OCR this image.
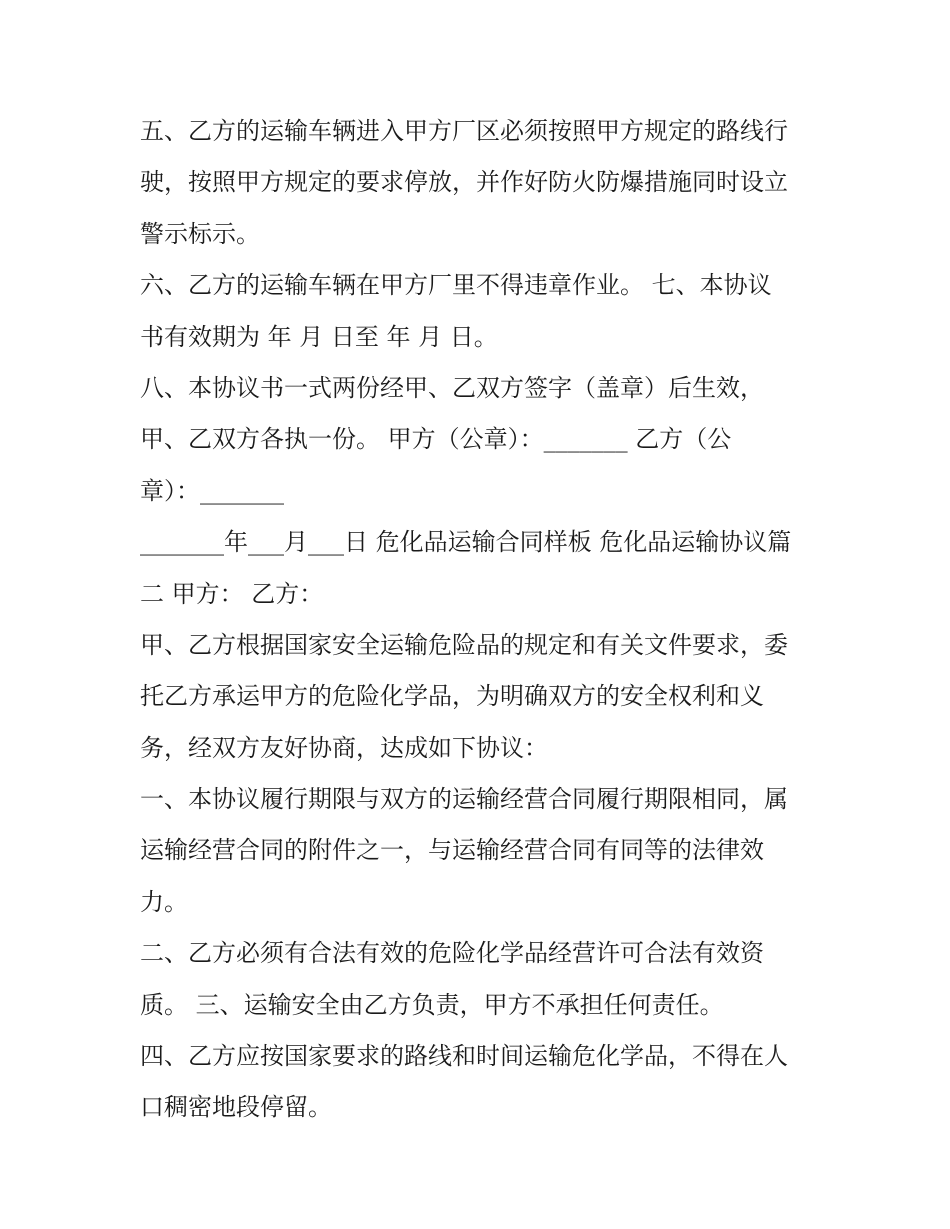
五、乙方的运输车辆进入甲方厂区必须按照甲方规定的路线行
驶，按照甲方规定的要求停放，并作好防火防爆措施同时设立
警示标示。
六、乙方的运输车辆在甲方厂里不得违章作业。 七、本协议
书有效期为 年 月 日至 年 月 日。
八、本协议书一式两份经甲、乙双方签字（盖章）后生效，
甲、乙双方各执一份。 甲方（公章）：_______ 乙方（公
章）：_______
_______年___月___日 危化品运输合同样板 危化品运输协议篇
二 甲方： 乙方：
甲、乙方根据国家安全运输危险品的规定和有关文件要求，委
托乙方承运甲方的危险化学品，为明确双方的安全权利和义
务，经双方友好协商，达成如下协议：
一、本协议履行期限与双方的运输经营合同履行期限相同，属
运输经营合同的附件之一，与运输经营合同有同等的法律效
力。
二、乙方必须有合法有效的危险化学品经营许可合法有效资
质。 三、运输安全由乙方负责，甲方不承担任何责任。
四、乙方应按国家要求的路线和时间运输危化学品，不得在人
口稠密地段停留。
